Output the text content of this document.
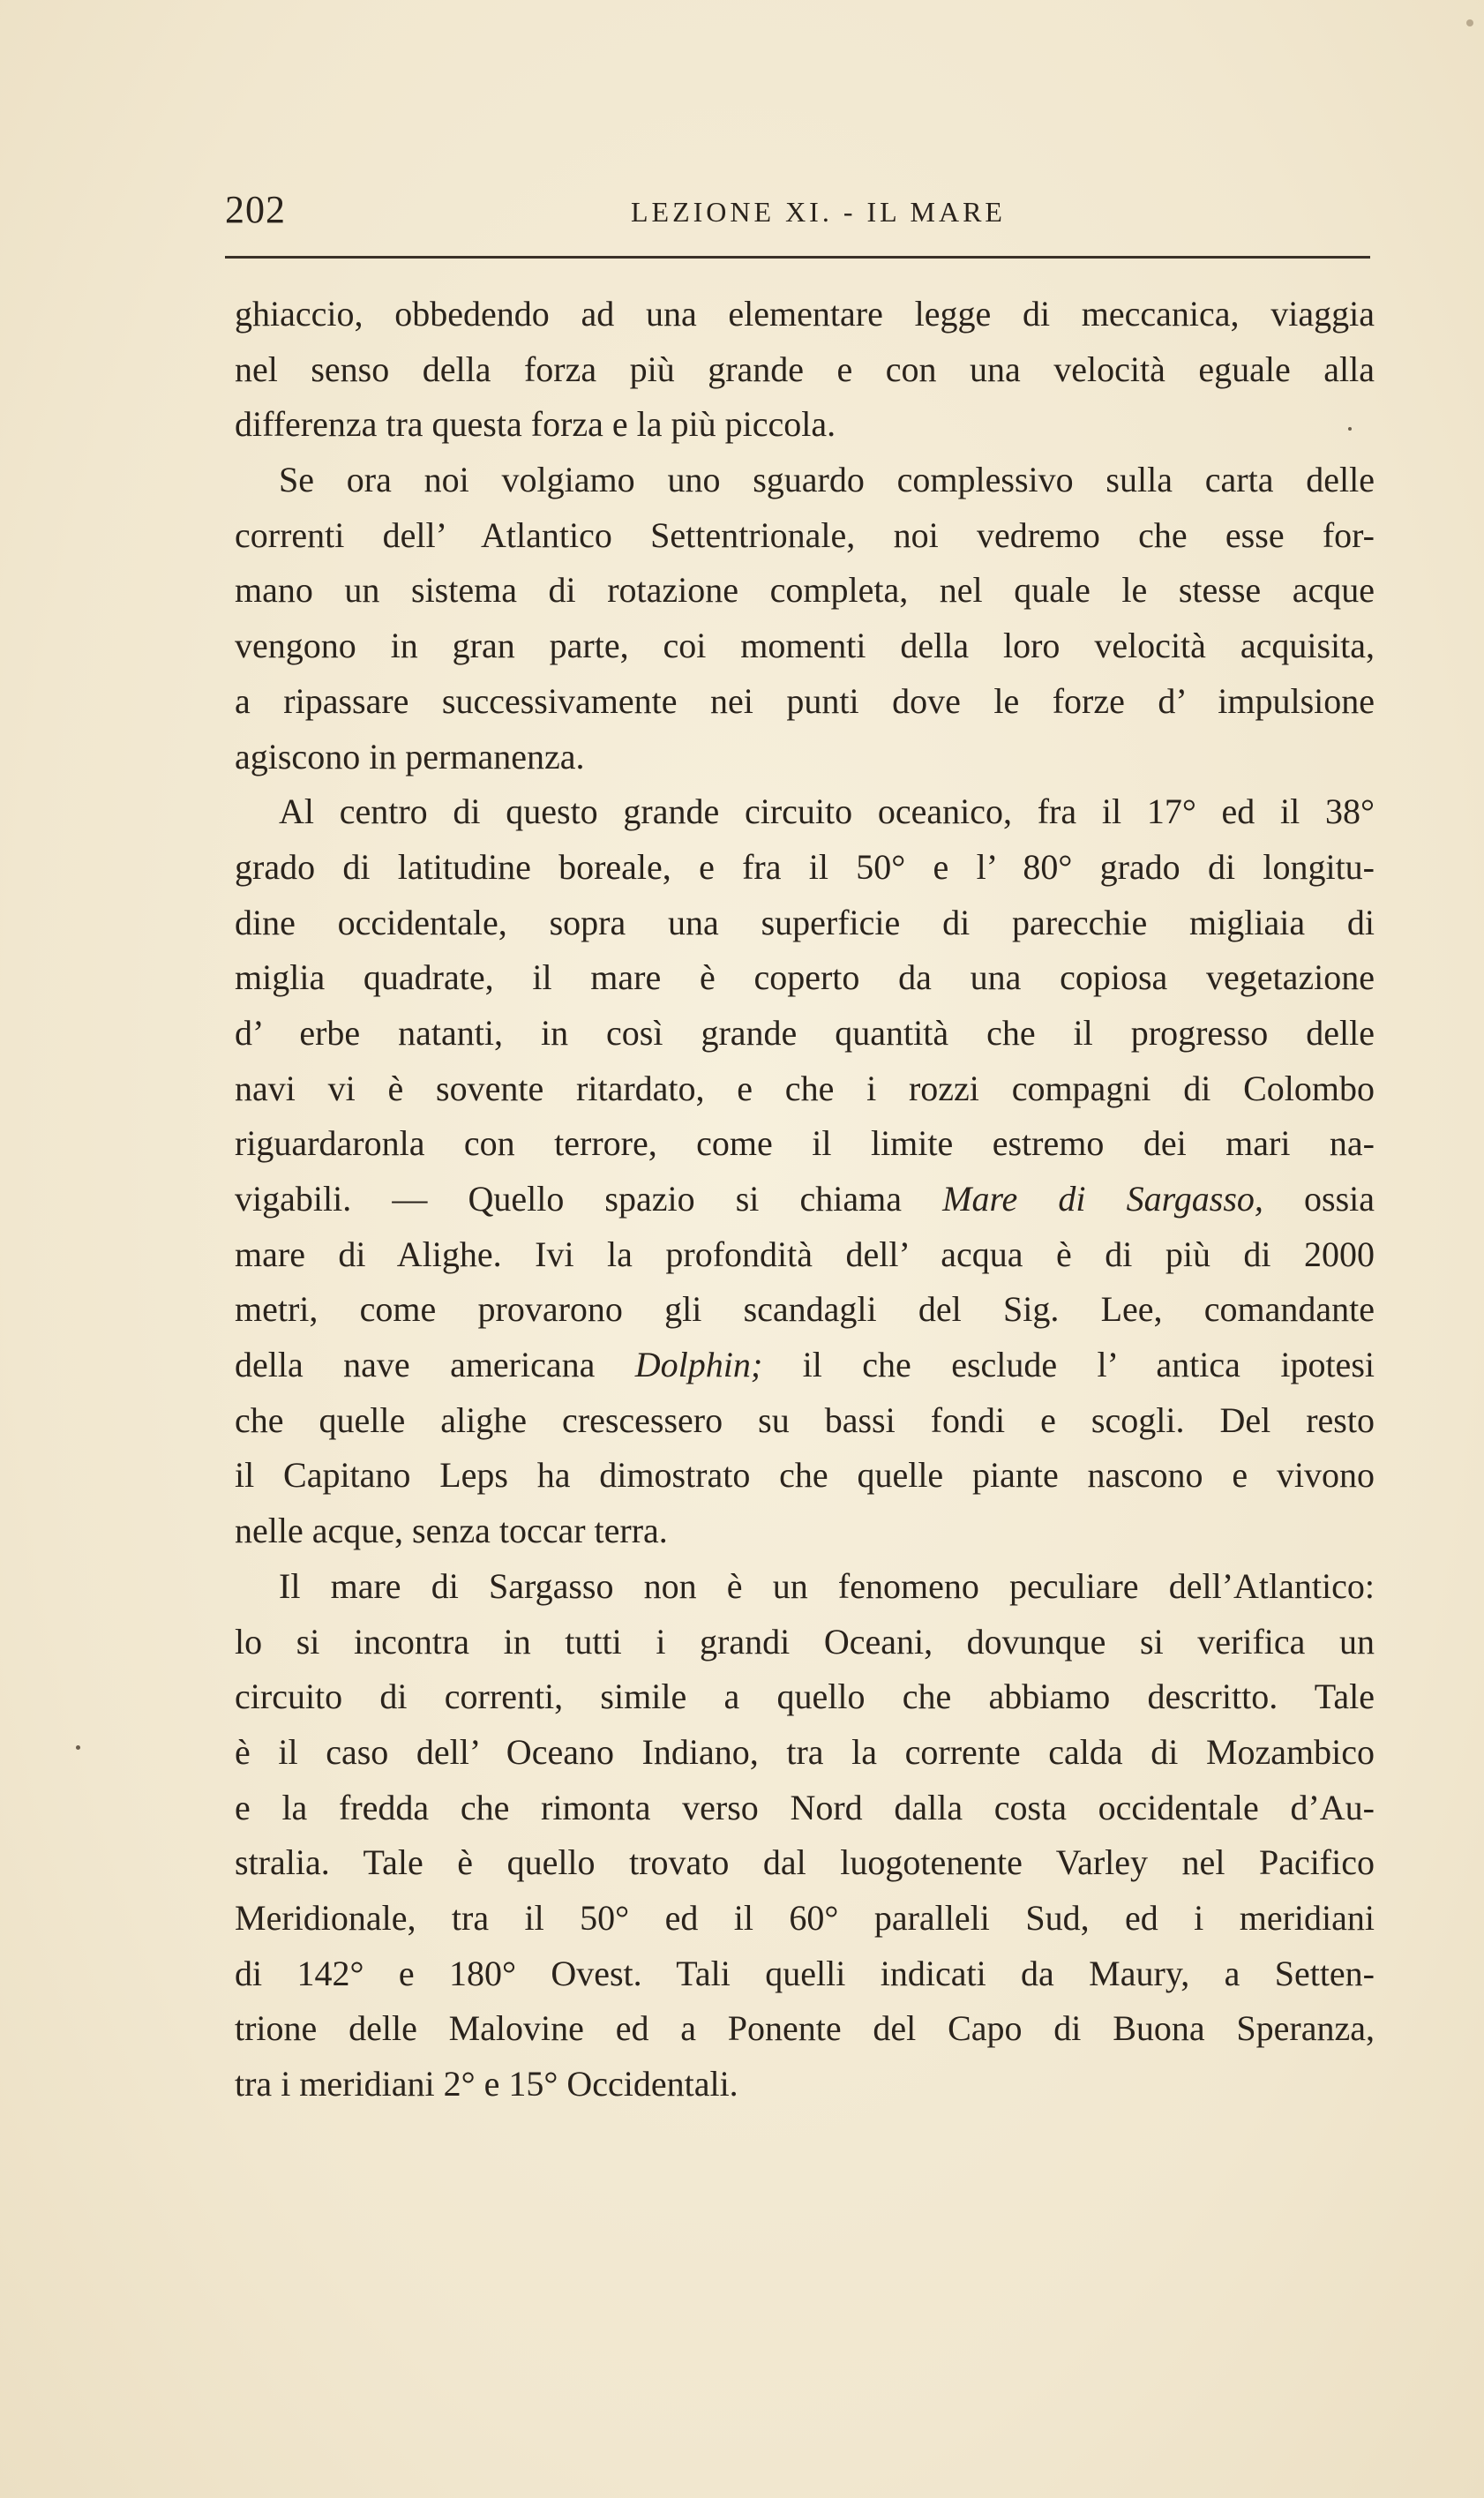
202	LEZIONE XI. - IL MARE
ghiaccio, obbedendo ad una elementare legge di meccanica, viaggia
nel senso della forza più grande e con una velocità eguale alla
differenza tra questa forza e la più piccola.
Se ora noi volgiamo uno sguardo complessivo sulla carta delle
correnti dell’ Atlantico Settentrionale, noi vedremo che esse for-
mano un sistema di rotazione completa, nel quale le stesse acque
vengono in gran parte, coi momenti della loro velocità acquisita,
a ripassare successivamente nei punti dove le forze d’ impulsione
agiscono in permanenza.
Al centro di questo grande circuito oceanico, fra il 17° ed il 38°
grado di latitudine boreale, e fra il 50° e l’ 80° grado di longitu-
dine occidentale, sopra una superficie di parecchie migliaia di
miglia quadrate, il mare è coperto da una copiosa vegetazione
d’ erbe natanti, in così grande quantità che il progresso delle
navi vi è sovente ritardato, e che i rozzi compagni di Colombo
riguardaronla con terrore, come il limite estremo dei mari na-
vigabili. — Quello spazio si chiama Mare di Sargasso, ossia
mare di Alighe. Ivi la profondità dell’ acqua è di più di 2000
metri, come provarono gli scandagli del Sig. Lee, comandante
della nave americana Dolphin; il che esclude l’ antica ipotesi
che quelle alighe crescessero su bassi fondi e scogli. Del resto
il Capitano Leps ha dimostrato che quelle piante nascono e vivono
nelle acque, senza toccar terra.
Il mare di Sargasso non è un fenomeno peculiare dell’Atlantico:
lo si incontra in tutti i grandi Oceani, dovunque si verifica un
circuito di correnti, simile a quello che abbiamo descritto. Tale
è il caso dell’ Oceano Indiano, tra la corrente calda di Mozambico
e la fredda che rimonta verso Nord dalla costa occidentale d’Au-
stralia. Tale è quello trovato dal luogotenente Varley nel Pacifico
Meridionale, tra il 50° ed il 60° paralleli Sud, ed i meridiani
di 142° e 180° Ovest. Tali quelli indicati da Maury, a Setten-
trione delle Malovine ed a Ponente del Capo di Buona Speranza,
tra i meridiani 2° e 15° Occidentali.
